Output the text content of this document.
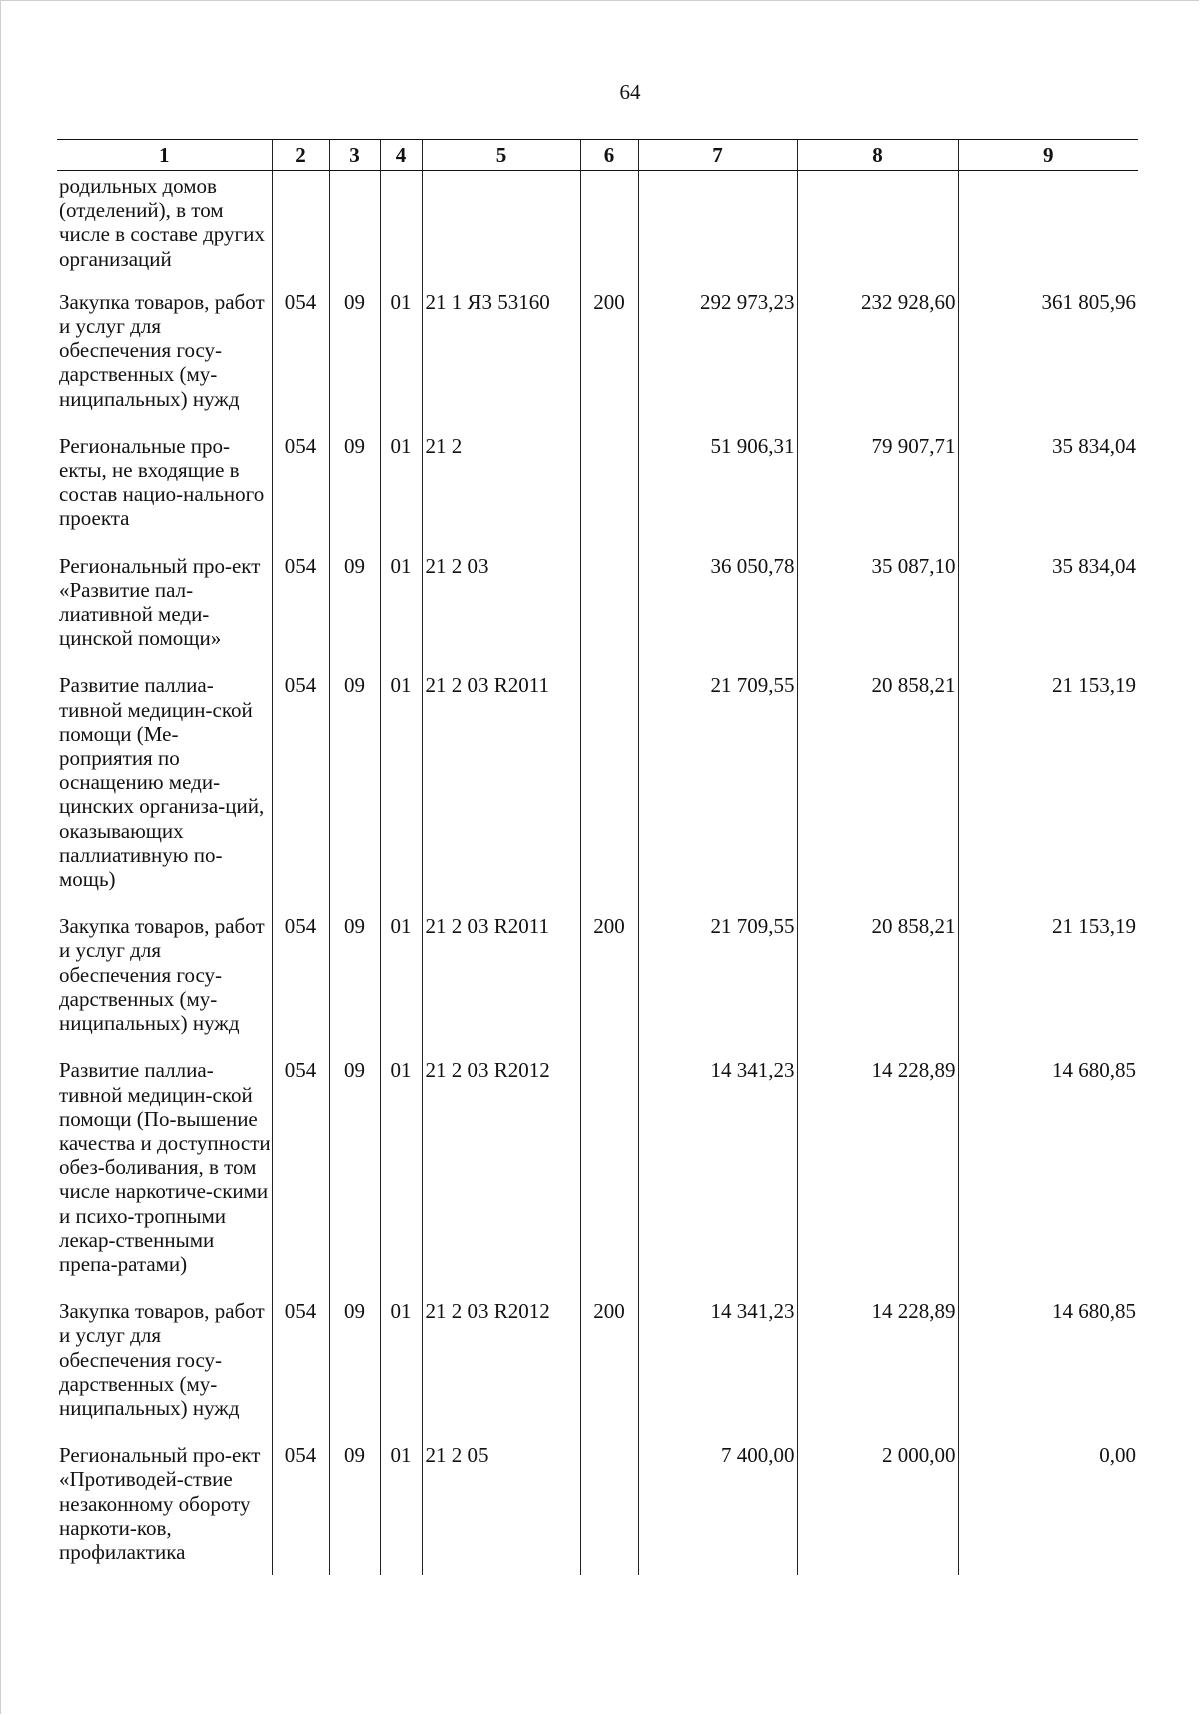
64
1	2	3	4	5	6	7	8	9
родильных домов (отделений), в том числе в составе других организаций								
Закупка товаров, работ и услуг для обеспечения госу-дарственных (му-ниципальных) нужд	054	09	01	21 1 Я3 53160	200	292 973,23	232 928,60	361 805,96
Региональные про-екты, не входящие в состав нацио-нального проекта	054	09	01	21 2		51 906,31	79 907,71	35 834,04
Региональный про-ект «Развитие пал-лиативной меди-цинской помощи»	054	09	01	21 2 03		36 050,78	35 087,10	35 834,04
Развитие паллиа-тивной медицин-ской помощи (Ме-роприятия по оснащению меди-цинских организа-ций, оказывающих паллиативную по-мощь)	054	09	01	21 2 03 R2011		21 709,55	20 858,21	21 153,19
Закупка товаров, работ и услуг для обеспечения госу-дарственных (му-ниципальных) нужд	054	09	01	21 2 03 R2011	200	21 709,55	20 858,21	21 153,19
Развитие паллиа-тивной медицин-ской помощи (По-вышение качества и доступности обез-боливания, в том числе наркотиче-скими и психо-тропными лекар-ственными препа-ратами)	054	09	01	21 2 03 R2012		14 341,23	14 228,89	14 680,85
Закупка товаров, работ и услуг для обеспечения госу-дарственных (му-ниципальных) нужд	054	09	01	21 2 03 R2012	200	14 341,23	14 228,89	14 680,85
Региональный про-ект «Противодей-ствие незаконному обороту наркоти-ков, профилактика	054	09	01	21 2 05		7 400,00	2 000,00	0,00
